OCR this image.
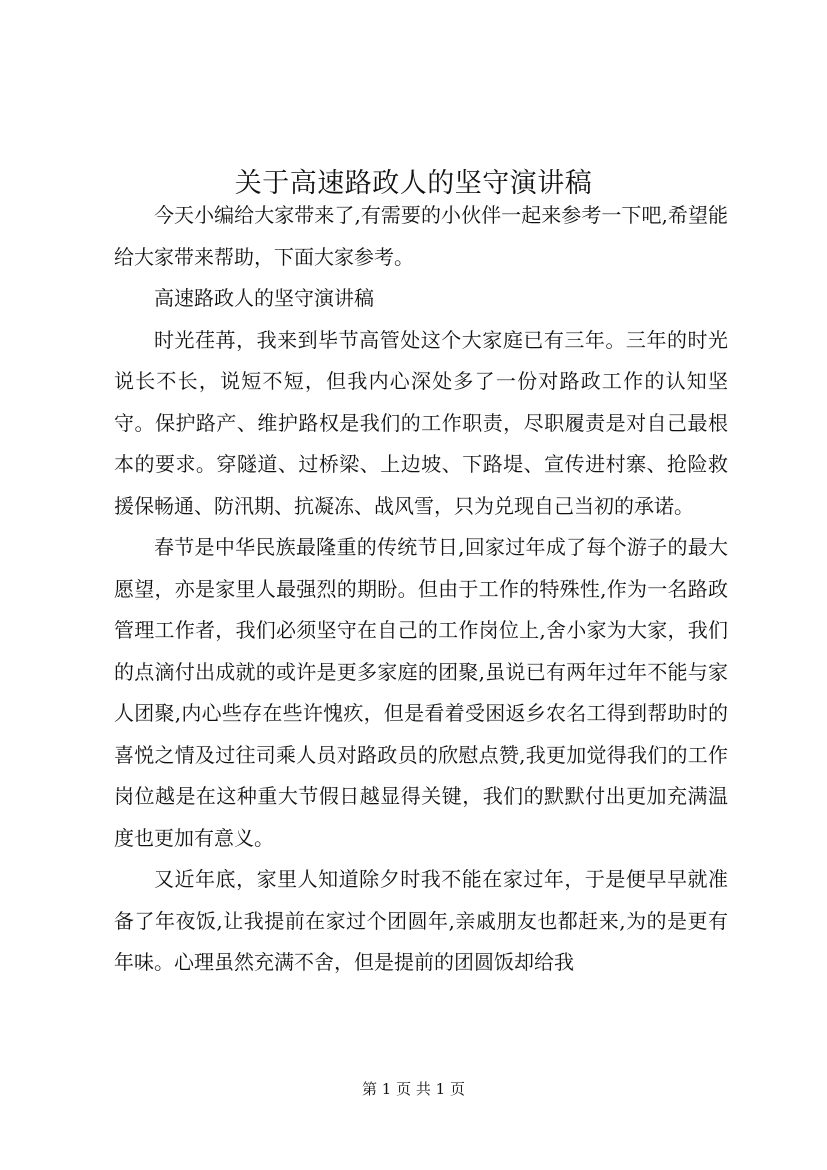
关于高速路政人的坚守演讲稿

今天小编给大家带来了,有需要的小伙伴一起来参考一下吧,希望能给大家带来帮助，下面大家参考。

高速路政人的坚守演讲稿

时光荏苒，我来到毕节高管处这个大家庭已有三年。三年的时光说长不长，说短不短，但我内心深处多了一份对路政工作的认知坚守。保护路产、维护路权是我们的工作职责，尽职履责是对自己最根本的要求。穿隧道、过桥梁、上边坡、下路堤、宣传进村寨、抢险救援保畅通、防汛期、抗凝冻、战风雪，只为兑现自己当初的承诺。

春节是中华民族最隆重的传统节日,回家过年成了每个游子的最大愿望，亦是家里人最强烈的期盼。但由于工作的特殊性,作为一名路政管理工作者，我们必须坚守在自己的工作岗位上,舍小家为大家，我们的点滴付出成就的或许是更多家庭的团聚,虽说已有两年过年不能与家人团聚,内心些存在些许愧疚，但是看着受困返乡农名工得到帮助时的喜悦之情及过往司乘人员对路政员的欣慰点赞,我更加觉得我们的工作岗位越是在这种重大节假日越显得关键，我们的默默付出更加充满温度也更加有意义。

又近年底，家里人知道除夕时我不能在家过年，于是便早早就准备了年夜饭,让我提前在家过个团圆年,亲戚朋友也都赶来,为的是更有年味。心理虽然充满不舍，但是提前的团圆饭却给我

第 1 页 共 1 页
